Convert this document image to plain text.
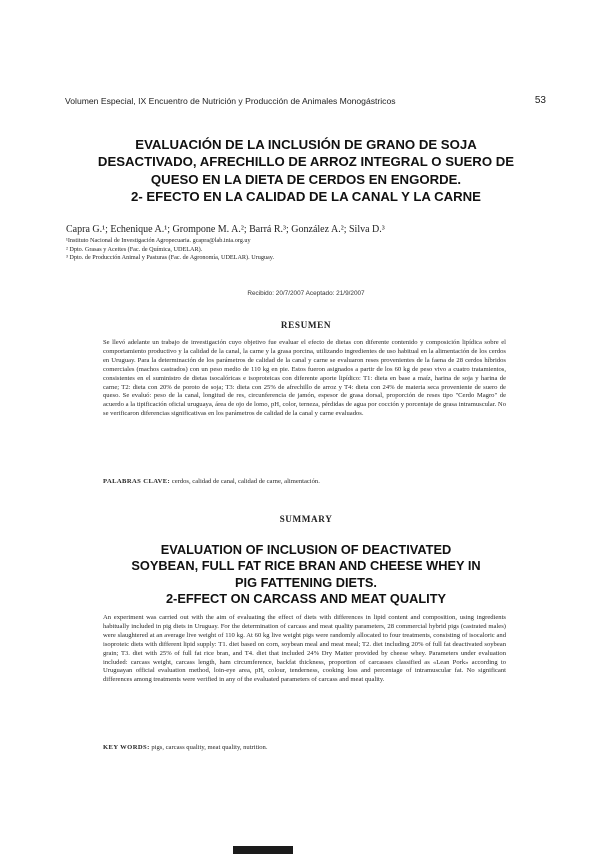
Volumen Especial, IX Encuentro de Nutrición y Producción de Animales Monogástricos	53
EVALUACIÓN DE LA INCLUSIÓN DE GRANO DE SOJA
DESACTIVADO, AFRECHILLO DE ARROZ INTEGRAL O SUERO DE
QUESO EN LA DIETA DE CERDOS EN ENGORDE.
2- EFECTO EN LA CALIDAD DE LA CANAL Y LA CARNE
Capra G.¹; Echenique A.¹; Grompone M. A.²; Barrá R.³; González A.²; Silva D.³
¹Instituto Nacional de Investigación Agropecuaria. gcapra@lab.inia.org.uy
² Dpto. Grasas y Aceites (Fac. de Química, UDELAR).
³ Dpto. de Producción Animal y Pasturas (Fac. de Agronomía, UDELAR). Uruguay.
Recibido: 20/7/2007 Aceptado: 21/9/2007
RESUMEN
Se llevó adelante un trabajo de investigación cuyo objetivo fue evaluar el efecto de dietas con diferente contenido y composición lipídica sobre el comportamiento productivo y la calidad de la canal, la carne y la grasa porcina, utilizando ingredientes de uso habitual en la alimentación de los cerdos en Uruguay. Para la determinación de los parámetros de calidad de la canal y carne se evaluaron reses provenientes de la faena de 28 cerdos híbridos comerciales (machos castrados) con un peso medio de 110 kg en pie. Estos fueron asignados a partir de los 60 kg de peso vivo a cuatro tratamientos, consistentes en el suministro de dietas isocalóricas e isoproteicas con diferente aporte lipídico: T1: dieta en base a maíz, harina de soja y harina de carne; T2: dieta con 20% de poroto de soja; T3: dieta con 25% de afrechillo de arroz y T4: dieta con 24% de materia seca proveniente de suero de queso. Se evaluó: peso de la canal, longitud de res, circunferencia de jamón, espesor de grasa dorsal, proporción de reses tipo "Cerdo Magro" de acuerdo a la tipificación oficial uruguaya, área de ojo de lomo, pH, color, terneza, pérdidas de agua por cocción y porcentaje de grasa intramuscular. No se verificaron diferencias significativas en los parámetros de calidad de la canal y carne evaluados.
PALABRAS CLAVE: cerdos, calidad de canal, calidad de carne, alimentación.
SUMMARY
EVALUATION OF INCLUSION OF DEACTIVATED
SOYBEAN, FULL FAT RICE BRAN AND CHEESE WHEY IN
PIG FATTENING DIETS.
2-EFFECT ON CARCASS AND MEAT QUALITY
An experiment was carried out with the aim of evaluating the effect of diets with differences in lipid content and composition, using ingredients habitually included in pig diets in Uruguay. For the determination of carcass and meat quality parameters, 28 commercial hybrid pigs (castrated males) were slaughtered at an average live weight of 110 kg. At 60 kg live weight pigs were randomly allocated to four treatments, consisting of isocaloric and isoproteic diets with different lipid supply: T1. diet based on corn, soybean meal and meat meal; T2. diet including 20% of full fat deactivated soybean grain; T3. diet with 25% of full fat rice bran, and T4. diet that included 24% Dry Matter provided by cheese whey. Parameters under evaluation included: carcass weight, carcass length, ham circumference, backfat thickness, proportion of carcasses classified as «Lean Pork» according to Uruguayan official evaluation method, loin-eye area, pH, colour, tenderness, cooking loss and percentage of intramuscular fat. No significant differences among treatments were verified in any of the evaluated parameters of carcass and meat quality.
KEY WORDS: pigs, carcass quality, meat quality, nutrition.
